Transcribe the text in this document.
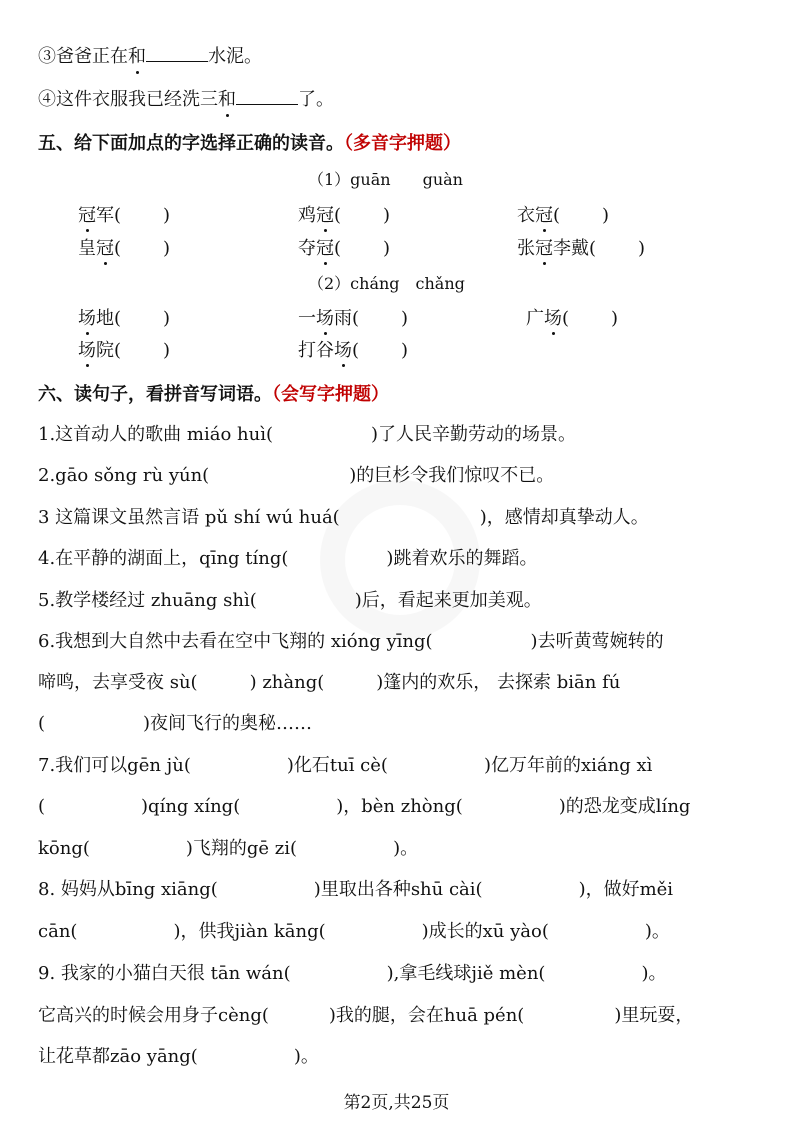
③爸爸正在和	水泥。
④这件衣服我已经洗三和	了。
五、给下面加点的字选择正确的读音。（多音字押题）
（1）guān　　guàn
冠军( )	鸡冠( )	衣冠( )
皇冠( )	夺冠( )	张冠李戴( )
（2）cháng　chǎng
场地( )	一场雨( )	广场( )
场院( )	打谷场( )
六、读句子，看拼音写词语。（会写字押题）
1.这首动人的歌曲 miáo huì(	)了人民辛勤劳动的场景。
2.gāo sǒng rù yún(	)的巨杉令我们惊叹不已。
3 这篇课文虽然言语 pǔ shí wú huá(	)，感情却真挚动人。
4.在平静的湖面上，qīng tíng(	)跳着欢乐的舞蹈。
5.教学楼经过 zhuāng shì(	)后，看起来更加美观。
6.我想到大自然中去看在空中飞翔的 xióng yīng(	)去听黄莺婉转的
啼鸣，去享受夜 sù(	) zhàng(	)篷内的欢乐， 去探索 biān fú
(	)夜间飞行的奥秘……
7.我们可以gēn jù(	)化石tuī cè(	)亿万年前的xiáng xì
(	)qíng xíng(	)，bèn zhòng(	)的恐龙变成líng
kōng(	)飞翔的gē zi(	)。
8. 妈妈从bīng xiāng(	)里取出各种shū cài(	)，做好měi
cān(	)，供我jiàn kāng(	)成长的xū yào(	)。
9. 我家的小猫白天很 tān wán(	),拿毛线球jiě mèn(	)。
它高兴的时候会用身子cèng(	)我的腿，会在huā pén(	)里玩耍，
让花草都zāo yāng(	)。
第2页,共25页
